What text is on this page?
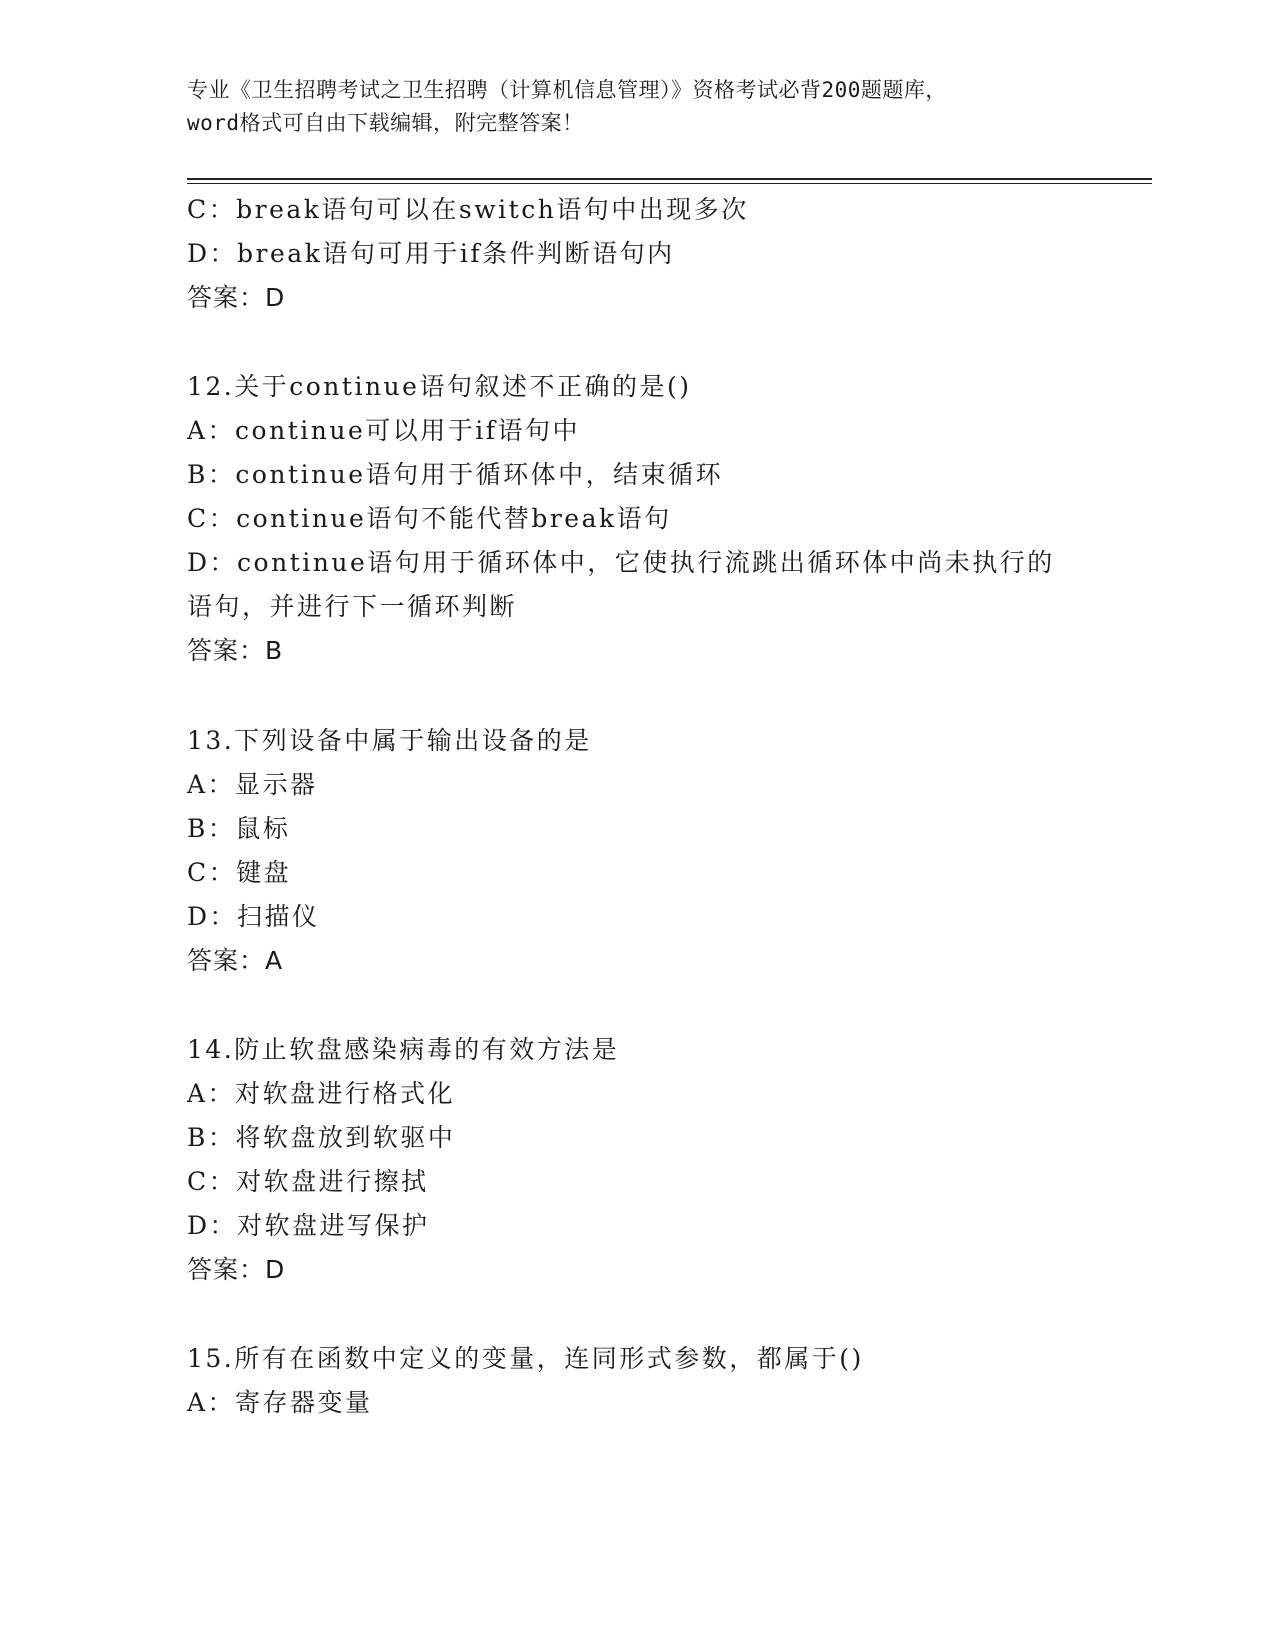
专业《卫生招聘考试之卫生招聘（计算机信息管理）》资格考试必背200题题库，
word格式可自由下载编辑，附完整答案！
C：break语句可以在switch语句中出现多次
D：break语句可用于if条件判断语句内
答案：D
12.关于continue语句叙述不正确的是()
A：continue可以用于if语句中
B：continue语句用于循环体中，结束循环
C：continue语句不能代替break语句
D：continue语句用于循环体中，它使执行流跳出循环体中尚未执行的
语句，并进行下一循环判断
答案：B
13.下列设备中属于输出设备的是
A：显示器
B：鼠标
C：键盘
D：扫描仪
答案：A
14.防止软盘感染病毒的有效方法是
A：对软盘进行格式化
B：将软盘放到软驱中
C：对软盘进行擦拭
D：对软盘进写保护
答案：D
15.所有在函数中定义的变量，连同形式参数，都属于()
A：寄存器变量
